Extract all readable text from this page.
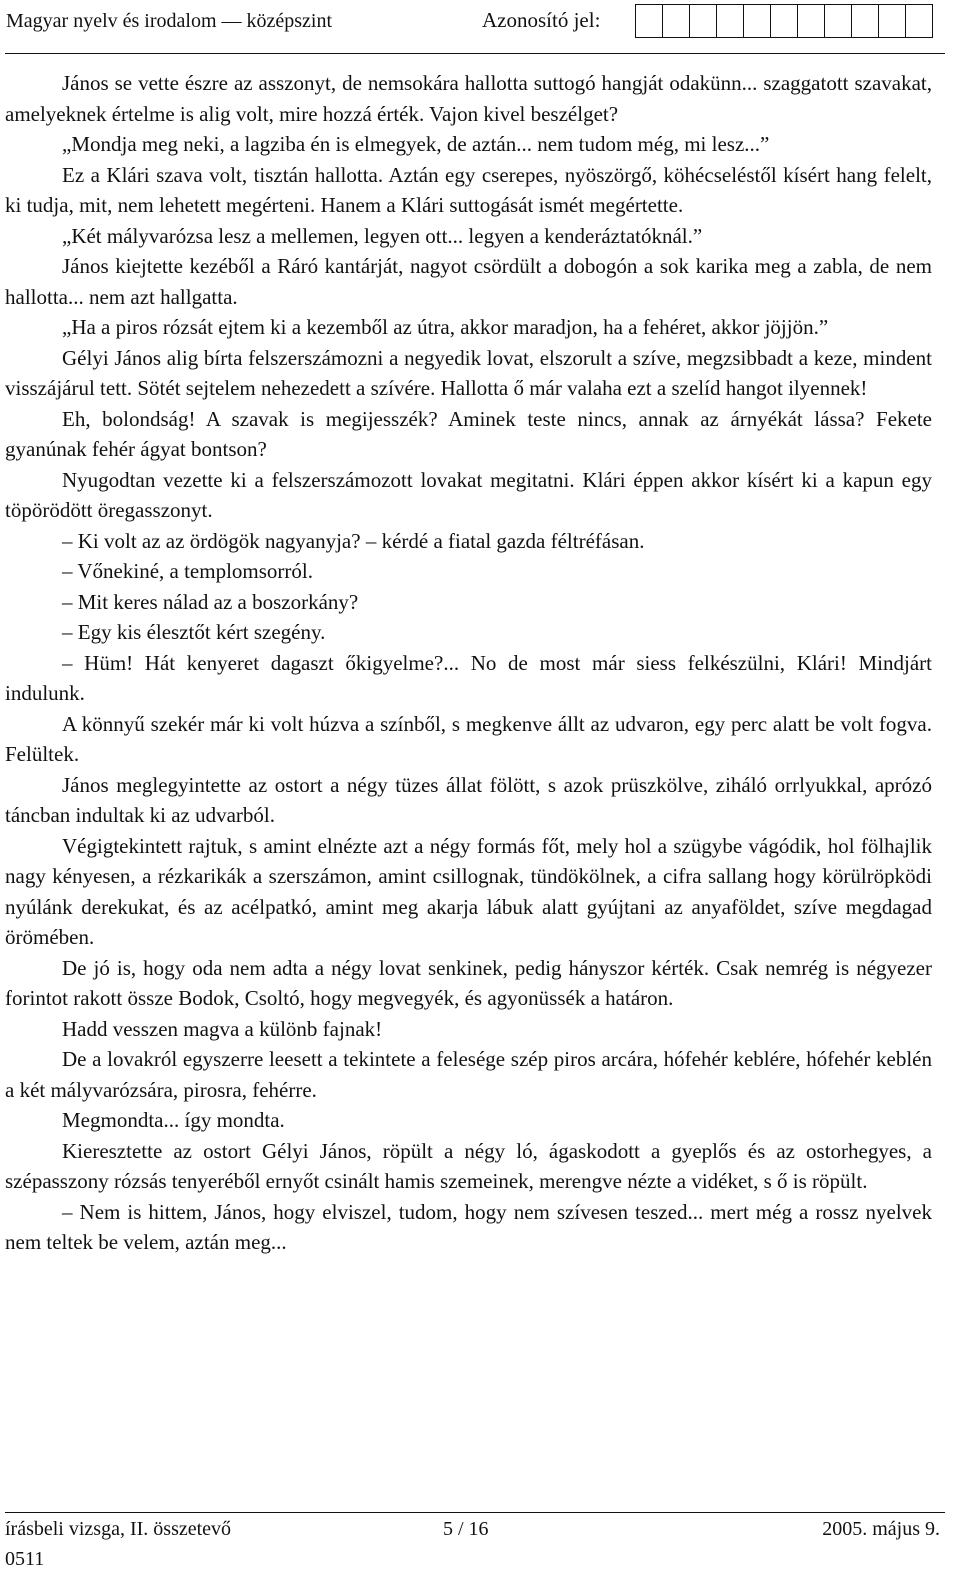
Magyar nyelv és irodalom — középszint	Azonosító jel:

János se vette észre az asszonyt, de nemsokára hallotta suttogó hangját odakünn... szaggatott szavakat, amelyeknek értelme is alig volt, mire hozzá érték. Vajon kivel beszélget?

„Mondja meg neki, a lagziba én is elmegyek, de aztán... nem tudom még, mi lesz...”

Ez a Klári szava volt, tisztán hallotta. Aztán egy cserepes, nyöszörgő, köhécseléstől kísért hang felelt, ki tudja, mit, nem lehetett megérteni. Hanem a Klári suttogását ismét megértette.

„Két mályvarózsa lesz a mellemen, legyen ott... legyen a kenderáztatóknál.”

János kiejtette kezéből a Ráró kantárját, nagyot csördült a dobogón a sok karika meg a zabla, de nem hallotta... nem azt hallgatta.

„Ha a piros rózsát ejtem ki a kezemből az útra, akkor maradjon, ha a fehéret, akkor jöjjön.”

Gélyi János alig bírta felszerszámozni a negyedik lovat, elszorult a szíve, megzsibbadt a keze, mindent visszájárul tett. Sötét sejtelem nehezedett a szívére. Hallotta ő már valaha ezt a szelíd hangot ilyennek!

Eh, bolondság! A szavak is megijesszék? Aminek teste nincs, annak az árnyékát lássa? Fekete gyanúnak fehér ágyat bontson?

Nyugodtan vezette ki a felszerszámozott lovakat megitatni. Klári éppen akkor kísért ki a kapun egy töpörödött öregasszonyt.

– Ki volt az az ördögök nagyanyja? – kérdé a fiatal gazda féltréfásan.

– Vőnekiné, a templomsorról.

– Mit keres nálad az a boszorkány?

– Egy kis élesztőt kért szegény.

– Hüm! Hát kenyeret dagaszt őkigyelme?... No de most már siess felkészülni, Klári! Mindjárt indulunk.

A könnyű szekér már ki volt húzva a színből, s megkenve állt az udvaron, egy perc alatt be volt fogva. Felültek.

János meglegyintette az ostort a négy tüzes állat fölött, s azok prüszkölve, ziháló orrlyukkal, aprózó táncban indultak ki az udvarból.

Végigtekintett rajtuk, s amint elnézte azt a négy formás főt, mely hol a szügybe vágódik, hol fölhajlik nagy kényesen, a rézkarikák a szerszámon, amint csillognak, tündökölnek, a cifra sallang hogy körülröpködi nyúlánk derekukat, és az acélpatkó, amint meg akarja lábuk alatt gyújtani az anyaföldet, szíve megdagad örömében.

De jó is, hogy oda nem adta a négy lovat senkinek, pedig hányszor kérték. Csak nemrég is négyezer forintot rakott össze Bodok, Csoltó, hogy megvegyék, és agyonüssék a határon.

Hadd vesszen magva a különb fajnak!

De a lovakról egyszerre leesett a tekintete a felesége szép piros arcára, hófehér keblére, hófehér keblén a két mályvarózsára, pirosra, fehérre.

Megmondta... így mondta.

Kieresztette az ostort Gélyi János, röpült a négy ló, ágaskodott a gyeplős és az ostorhegyes, a szépasszony rózsás tenyeréből ernyőt csinált hamis szemeinek, merengve nézte a vidéket, s ő is röpült.

– Nem is hittem, János, hogy elviszel, tudom, hogy nem szívesen teszed... mert még a rossz nyelvek nem teltek be velem, aztán meg...

írásbeli vizsga, II. összetevő	5 / 16	2005. május 9.
0511
